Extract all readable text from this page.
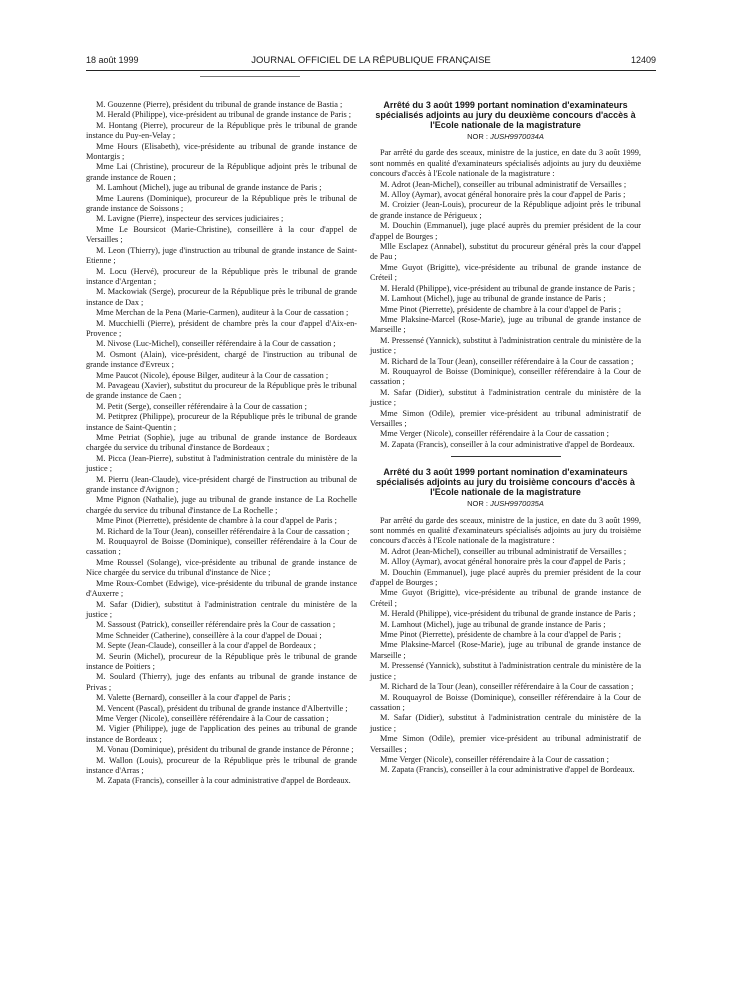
18 août 1999	JOURNAL OFFICIEL DE LA RÉPUBLIQUE FRANÇAISE	12409

M. Gouzenne (Pierre), président du tribunal de grande instance de Bastia ;

M. Herald (Philippe), vice-président au tribunal de grande instance de Paris ;

M. Hontang (Pierre), procureur de la République près le tribunal de grande instance du Puy-en-Velay ;

Mme Hours (Elisabeth), vice-présidente au tribunal de grande instance de Montargis ;

Mme Lai (Christine), procureur de la République adjoint près le tribunal de grande instance de Rouen ;

M. Lamhout (Michel), juge au tribunal de grande instance de Paris ;

Mme Laurens (Dominique), procureur de la République près le tribunal de grande instance de Soissons ;

M. Lavigne (Pierre), inspecteur des services judiciaires ;

Mme Le Boursicot (Marie-Christine), conseillère à la cour d'appel de Versailles ;

M. Leon (Thierry), juge d'instruction au tribunal de grande instance de Saint-Etienne ;

M. Locu (Hervé), procureur de la République près le tribunal de grande instance d'Argentan ;

M. Mackowiak (Serge), procureur de la République près le tribunal de grande instance de Dax ;

Mme Merchan de la Pena (Marie-Carmen), auditeur à la Cour de cassation ;

M. Mucchielli (Pierre), président de chambre près la cour d'appel d'Aix-en-Provence ;

M. Nivose (Luc-Michel), conseiller référendaire à la Cour de cassation ;

M. Osmont (Alain), vice-président, chargé de l'instruction au tribunal de grande instance d'Evreux ;

Mme Paucot (Nicole), épouse Bilger, auditeur à la Cour de cassation ;

M. Pavageau (Xavier), substitut du procureur de la République près le tribunal de grande instance de Caen ;

M. Petit (Serge), conseiller référendaire à la Cour de cassation ;

M. Petitprez (Philippe), procureur de la République près le tribunal de grande instance de Saint-Quentin ;

Mme Petriat (Sophie), juge au tribunal de grande instance de Bordeaux chargée du service du tribunal d'instance de Bordeaux ;

M. Picca (Jean-Pierre), substitut à l'administration centrale du ministère de la justice ;

M. Pierru (Jean-Claude), vice-président chargé de l'instruction au tribunal de grande instance d'Avignon ;

Mme Pignon (Nathalie), juge au tribunal de grande instance de La Rochelle chargée du service du tribunal d'instance de La Rochelle ;

Mme Pinot (Pierrette), présidente de chambre à la cour d'appel de Paris ;

M. Richard de la Tour (Jean), conseiller référendaire à la Cour de cassation ;

M. Rouquayrol de Boisse (Dominique), conseiller référendaire à la Cour de cassation ;

Mme Roussel (Solange), vice-présidente au tribunal de grande instance de Nice chargée du service du tribunal d'instance de Nice ;

Mme Roux-Combet (Edwige), vice-présidente du tribunal de grande instance d'Auxerre ;

M. Safar (Didier), substitut à l'administration centrale du ministère de la justice ;

M. Sassoust (Patrick), conseiller référendaire près la Cour de cassation ;

Mme Schneider (Catherine), conseillère à la cour d'appel de Douai ;

M. Septe (Jean-Claude), conseiller à la cour d'appel de Bordeaux ;

M. Seurin (Michel), procureur de la République près le tribunal de grande instance de Poitiers ;

M. Soulard (Thierry), juge des enfants au tribunal de grande instance de Privas ;

M. Valette (Bernard), conseiller à la cour d'appel de Paris ;

M. Vencent (Pascal), président du tribunal de grande instance d'Albertville ;

Mme Verger (Nicole), conseillère référendaire à la Cour de cassation ;

M. Vigier (Philippe), juge de l'application des peines au tribunal de grande instance de Bordeaux ;

M. Vonau (Dominique), président du tribunal de grande instance de Péronne ;

M. Wallon (Louis), procureur de la République près le tribunal de grande instance d'Arras ;

M. Zapata (Francis), conseiller à la cour administrative d'appel de Bordeaux.

Arrêté du 3 août 1999 portant nomination d'examinateurs spécialisés adjoints au jury du deuxième concours d'accès à l'Ecole nationale de la magistrature
NOR : JUSH9970034A

Par arrêté du garde des sceaux, ministre de la justice, en date du 3 août 1999, sont nommés en qualité d'examinateurs spécialisés adjoints au jury du deuxième concours d'accès à l'Ecole nationale de la magistrature :

M. Adrot (Jean-Michel), conseiller au tribunal administratif de Versailles ;

M. Alloy (Aymar), avocat général honoraire près la cour d'appel de Paris ;

M. Croizier (Jean-Louis), procureur de la République adjoint près le tribunal de grande instance de Périgueux ;

M. Douchin (Emmanuel), juge placé auprès du premier président de la cour d'appel de Bourges ;

Mlle Esclapez (Annabel), substitut du procureur général près la cour d'appel de Pau ;

Mme Guyot (Brigitte), vice-présidente au tribunal de grande instance de Créteil ;

M. Herald (Philippe), vice-président au tribunal de grande instance de Paris ;

M. Lamhout (Michel), juge au tribunal de grande instance de Paris ;

Mme Pinot (Pierrette), présidente de chambre à la cour d'appel de Paris ;

Mme Plaksine-Marcel (Rose-Marie), juge au tribunal de grande instance de Marseille ;

M. Pressensé (Yannick), substitut à l'administration centrale du ministère de la justice ;

M. Richard de la Tour (Jean), conseiller référendaire à la Cour de cassation ;

M. Rouquayrol de Boisse (Dominique), conseiller référendaire à la Cour de cassation ;

M. Safar (Didier), substitut à l'administration centrale du ministère de la justice ;

Mme Simon (Odile), premier vice-président au tribunal administratif de Versailles ;

Mme Verger (Nicole), conseiller référendaire à la Cour de cassation ;

M. Zapata (Francis), conseiller à la cour administrative d'appel de Bordeaux.

Arrêté du 3 août 1999 portant nomination d'examinateurs spécialisés adjoints au jury du troisième concours d'accès à l'Ecole nationale de la magistrature
NOR : JUSH9970035A

Par arrêté du garde des sceaux, ministre de la justice, en date du 3 août 1999, sont nommés en qualité d'examinateurs spécialisés adjoints au jury du troisième concours d'accès à l'Ecole nationale de la magistrature :

M. Adrot (Jean-Michel), conseiller au tribunal administratif de Versailles ;

M. Alloy (Aymar), avocat général honoraire près la cour d'appel de Paris ;

M. Douchin (Emmanuel), juge placé auprès du premier président de la cour d'appel de Bourges ;

Mme Guyot (Brigitte), vice-présidente au tribunal de grande instance de Créteil ;

M. Herald (Philippe), vice-président du tribunal de grande instance de Paris ;

M. Lamhout (Michel), juge au tribunal de grande instance de Paris ;

Mme Pinot (Pierrette), présidente de chambre à la cour d'appel de Paris ;

Mme Plaksine-Marcel (Rose-Marie), juge au tribunal de grande instance de Marseille ;

M. Pressensé (Yannick), substitut à l'administration centrale du ministère de la justice ;

M. Richard de la Tour (Jean), conseiller référendaire à la Cour de cassation ;

M. Rouquayrol de Boisse (Dominique), conseiller référendaire à la Cour de cassation ;

M. Safar (Didier), substitut à l'administration centrale du ministère de la justice ;

Mme Simon (Odile), premier vice-président au tribunal administratif de Versailles ;

Mme Verger (Nicole), conseiller référendaire à la Cour de cassation ;

M. Zapata (Francis), conseiller à la cour administrative d'appel de Bordeaux.
